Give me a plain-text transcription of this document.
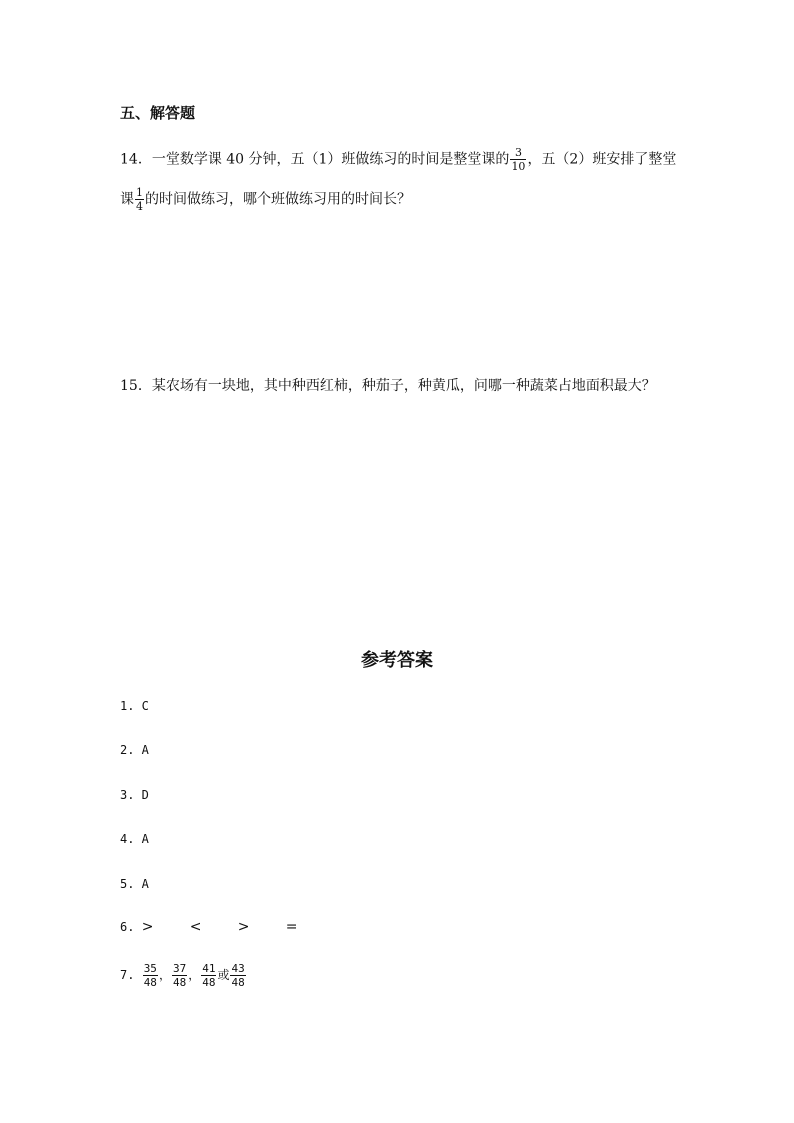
五、解答题
14．一堂数学课 40 分钟，五（1）班做练习的时间是整堂课的 $\frac{3}{10}$ ，五（2）班安排了整堂
课 $\frac{1}{4}$ 的时间做练习，哪个班做练习用的时间长？
15．某农场有一块地，其中种西红柿，种茄子，种黄瓜，问哪一种蔬菜占地面积最大？
参考答案
1. C
2. A
3. D
4. A
5. A
6. >	<	>	=
7. $\frac{35}{48}$ ， $\frac{37}{48}$ ， $\frac{41}{48}$ 或 $\frac{43}{48}$
